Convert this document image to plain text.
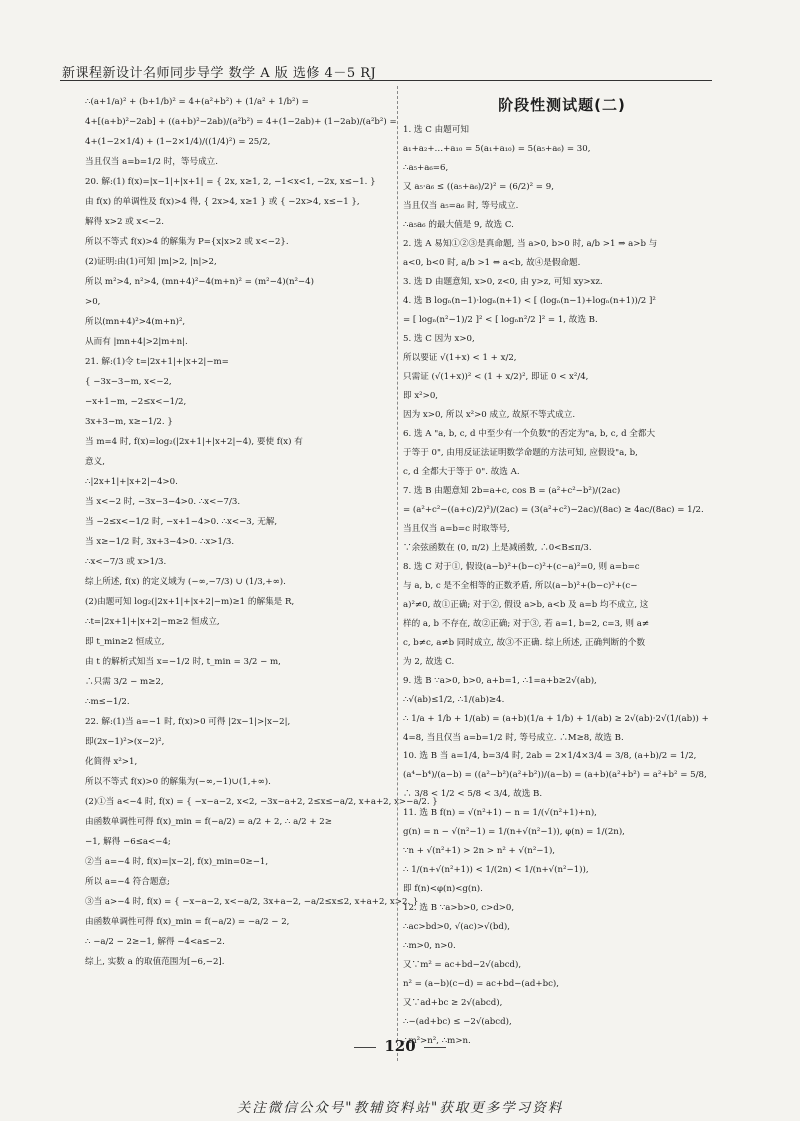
新课程新设计名师同步导学 数学 A 版 选修 4－5 RJ
∴(a+1/a)² + (b+1/b)² = 4+(a²+b²) + (1/a² + 1/b²) =
4+[(a+b)²−2ab] + ((a+b)²−2ab)/(a²b²) = 4+(1−2ab)+ (1−2ab)/(a²b²) =
4+(1−2×1/4) + (1−2×1/4)/((1/4)²) = 25/2,
当且仅当 a=b=1/2 时，等号成立.
20. 解:(1) f(x)=|x−1|+|x+1| = { 2x, x≥1, 2, −1<x<1, −2x, x≤−1. }
由 f(x) 的单调性及 f(x)>4 得, { 2x>4, x≥1 } 或 { −2x>4, x≤−1 },
解得 x>2 或 x<−2.
所以不等式 f(x)>4 的解集为 P={x|x>2 或 x<−2}.
(2)证明:由(1)可知 |m|>2, |n|>2,
所以 m²>4, n²>4, (mn+4)²−4(m+n)² = (m²−4)(n²−4)
>0,
所以(mn+4)²>4(m+n)²,
从而有 |mn+4|>2|m+n|.
21. 解:(1)令 t=|2x+1|+|x+2|−m=
{ −3x−3−m, x<−2,
−x+1−m, −2≤x<−1/2,
3x+3−m, x≥−1/2. }
当 m=4 时, f(x)=log₂(|2x+1|+|x+2|−4), 要使 f(x) 有
意义,
∴|2x+1|+|x+2|−4>0.
当 x<−2 时, −3x−3−4>0. ∴x<−7/3.
当 −2≤x<−1/2 时, −x+1−4>0. ∴x<−3, 无解,
当 x≥−1/2 时, 3x+3−4>0. ∴x>1/3.
∴x<−7/3 或 x>1/3.
综上所述, f(x) 的定义域为 (−∞,−7/3) ∪ (1/3,+∞).
(2)由题可知 log₂(|2x+1|+|x+2|−m)≥1 的解集是 R,
∴t=|2x+1|+|x+2|−m≥2 恒成立,
即 t_min≥2 恒成立,
由 t 的解析式知当 x=−1/2 时, t_min = 3/2 − m,
∴只需 3/2 − m≥2,
∴m≤−1/2.
22. 解:(1)当 a=−1 时, f(x)>0 可得 |2x−1|>|x−2|,
即(2x−1)²>(x−2)²,
化简得 x²>1,
所以不等式 f(x)>0 的解集为(−∞,−1)∪(1,+∞).
(2)①当 a<−4 时, f(x) = { −x−a−2, x<2, −3x−a+2, 2≤x≤−a/2, x+a+2, x>−a/2. }
由函数单调性可得 f(x)_min = f(−a/2) = a/2 + 2, ∴ a/2 + 2≥
−1, 解得 −6≤a<−4;
②当 a=−4 时, f(x)=|x−2|, f(x)_min=0≥−1,
所以 a=−4 符合题意;
③当 a>−4 时, f(x) = { −x−a−2, x<−a/2, 3x+a−2, −a/2≤x≤2, x+a+2, x>2. }
由函数单调性可得 f(x)_min = f(−a/2) = −a/2 − 2,
∴ −a/2 − 2≥−1, 解得 −4<a≤−2.
综上, 实数 a 的取值范围为[−6,−2].
阶段性测试题(二)
1. 选 C 由题可知
a₁+a₂+…+a₁₀ = 5(a₁+a₁₀) = 5(a₅+a₆) = 30,
∴a₅+a₆=6,
又 a₅·a₆ ≤ ((a₅+a₆)/2)² = (6/2)² = 9,
当且仅当 a₅=a₆ 时, 等号成立.
∴a₅a₆ 的最大值是 9, 故选 C.
2. 选 A 易知①②③是真命题, 当 a>0, b>0 时, a/b >1 ⇒ a>b 与
a<0, b<0 时, a/b >1 ⇔ a<b, 故④是假命题.
3. 选 D 由题意知, x>0, z<0, 由 y>z, 可知 xy>xz.
4. 选 B logₙ(n−1)·logₙ(n+1) < [ (logₙ(n−1)+logₙ(n+1))/2 ]²
= [ logₙ(n²−1)/2 ]² < [ logₙn²/2 ]² = 1, 故选 B.
5. 选 C 因为 x>0,
所以要证 √(1+x) < 1 + x/2,
只需证 (√(1+x))² < (1 + x/2)², 即证 0 < x²/4,
即 x²>0,
因为 x>0, 所以 x²>0 成立, 故原不等式成立.
6. 选 A "a, b, c, d 中至少有一个负数"的否定为"a, b, c, d 全都大
于等于 0", 由用反证法证明数学命题的方法可知, 应假设"a, b,
c, d 全都大于等于 0". 故选 A.
7. 选 B 由题意知 2b=a+c, cos B = (a²+c²−b²)/(2ac)
= (a²+c²−((a+c)/2)²)/(2ac) = (3(a²+c²)−2ac)/(8ac) ≥ 4ac/(8ac) = 1/2.
当且仅当 a=b=c 时取等号,
∵余弦函数在 (0, π/2) 上是减函数, ∴0<B≤π/3.
8. 选 C 对于①, 假设(a−b)²+(b−c)²+(c−a)²=0, 则 a=b=c
与 a, b, c 是不全相等的正数矛盾, 所以(a−b)²+(b−c)²+(c−
a)²≠0, 故①正确; 对于②, 假设 a>b, a<b 及 a=b 均不成立, 这
样的 a, b 不存在, 故②正确; 对于③, 若 a=1, b=2, c=3, 则 a≠
c, b≠c, a≠b 同时成立, 故③不正确. 综上所述, 正确判断的个数
为 2, 故选 C.
9. 选 B ∵a>0, b>0, a+b=1, ∴1=a+b≥2√(ab),
∴√(ab)≤1/2, ∴1/(ab)≥4.
∴ 1/a + 1/b + 1/(ab) = (a+b)(1/a + 1/b) + 1/(ab) ≥ 2√(ab)·2√(1/(ab)) +
4=8, 当且仅当 a=b=1/2 时, 等号成立. ∴M≥8, 故选 B.
10. 选 B 当 a=1/4, b=3/4 时, 2ab = 2×1/4×3/4 = 3/8, (a+b)/2 = 1/2,
(a⁴−b⁴)/(a−b) = ((a²−b²)(a²+b²))/(a−b) = (a+b)(a²+b²) = a²+b² = 5/8,
∴ 3/8 < 1/2 < 5/8 < 3/4, 故选 B.
11. 选 B f(n) = √(n²+1) − n = 1/(√(n²+1)+n),
g(n) = n − √(n²−1) = 1/(n+√(n²−1)), φ(n) = 1/(2n),
∵n + √(n²+1) > 2n > n² + √(n²−1),
∴ 1/(n+√(n²+1)) < 1/(2n) < 1/(n+√(n²−1)),
即 f(n)<φ(n)<g(n).
12. 选 B ∵a>b>0, c>d>0,
∴ac>bd>0, √(ac)>√(bd),
∴m>0, n>0.
又∵m² = ac+bd−2√(abcd),
n² = (a−b)(c−d) = ac+bd−(ad+bc),
又∵ad+bc ≥ 2√(abcd),
∴−(ad+bc) ≤ −2√(abcd),
∴m²>n², ∴m>n.
120
关注微信公众号"教辅资料站"获取更多学习资料
